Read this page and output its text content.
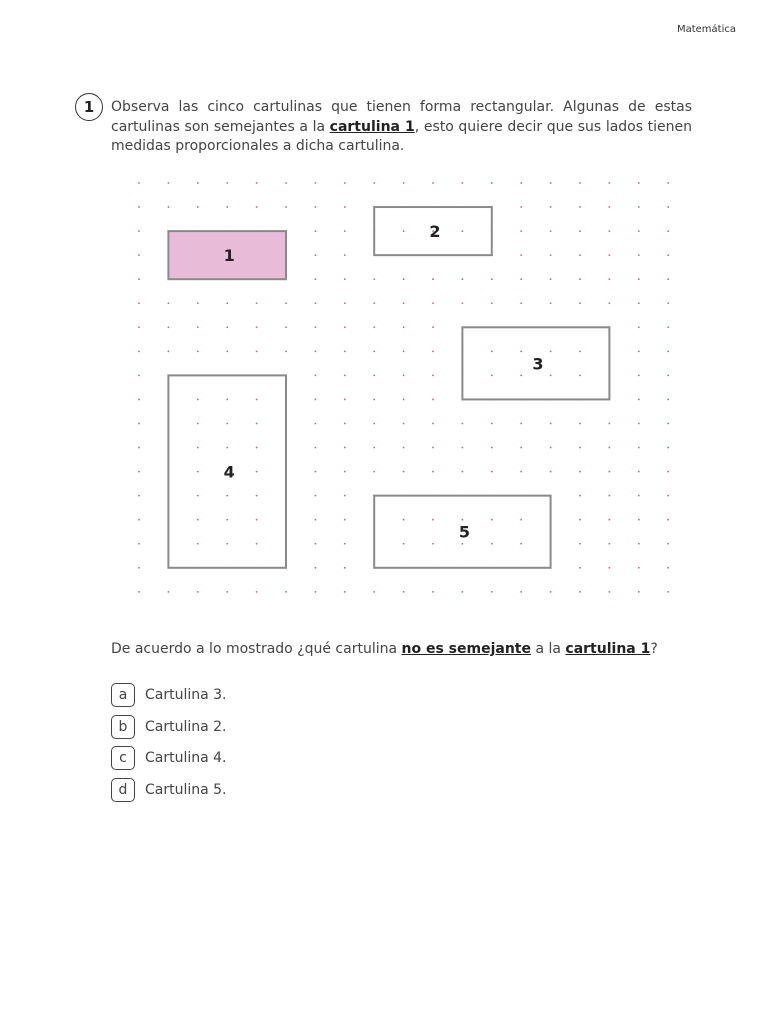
Matemática
1	Observa las cinco cartulinas que tienen forma rectangular. Algunas de estas cartulinas son semejantes a la cartulina 1, esto quiere decir que sus lados tienen medidas proporcionales a dicha cartulina.

1
2
3
4
5

De acuerdo a lo mostrado ¿qué cartulina no es semejante a la cartulina 1?

a	Cartulina 3.
b	Cartulina 2.
c	Cartulina 4.
d	Cartulina 5.
